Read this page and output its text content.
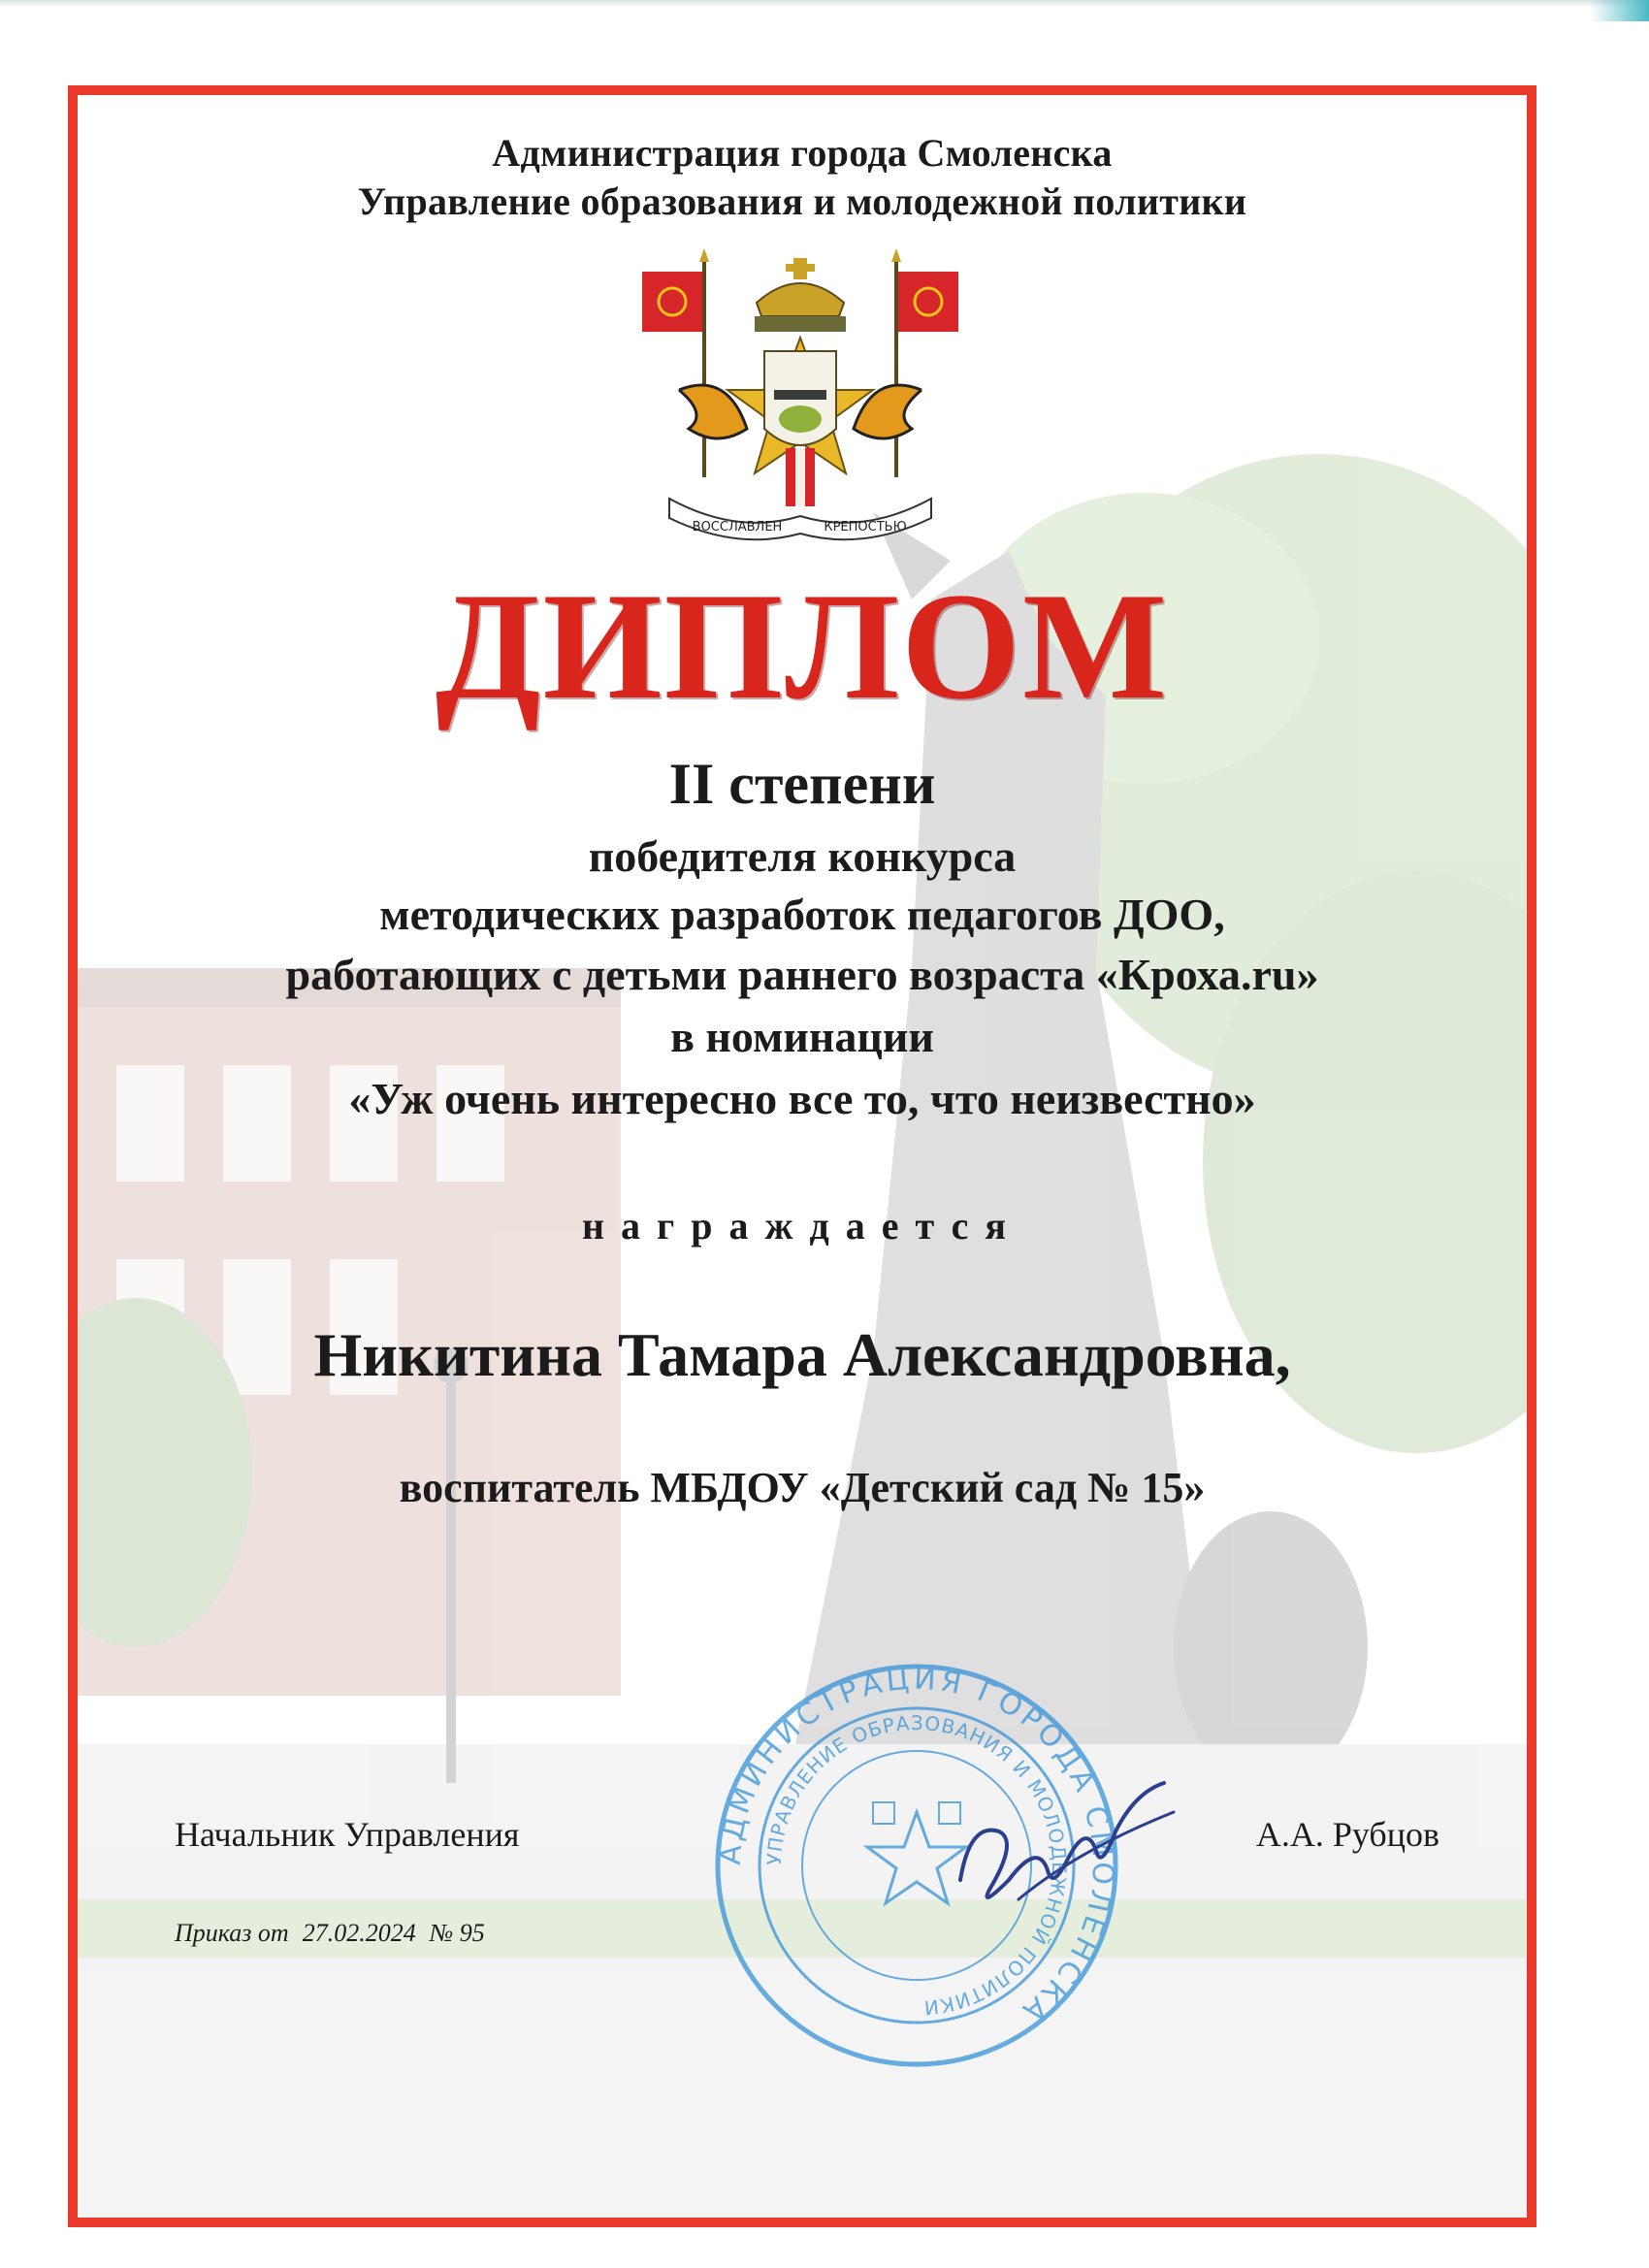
Администрация города Смоленска
Управление образования и молодежной политики
ВОССЛАВЛЕН	КРЕПОСТЬЮ
ДИПЛОМ
II степени
победителя конкурса
методических разработок педагогов ДОО,
работающих с детьми раннего возраста «Кроха.ru»
в номинации
«Уж очень интересно все то, что неизвестно»
награждается
Никитина Тамара Александровна,
воспитатель МБДОУ «Детский сад № 15»
АДМИНИСТРАЦИЯ ГОРОДА СМОЛЕНСКА
УПРАВЛЕНИЕ ОБРАЗОВАНИЯ И МОЛОДЕЖНОЙ ПОЛИТИКИ
Начальник Управления	А.А. Рубцов
Приказ от 27.02.2024 № 95
